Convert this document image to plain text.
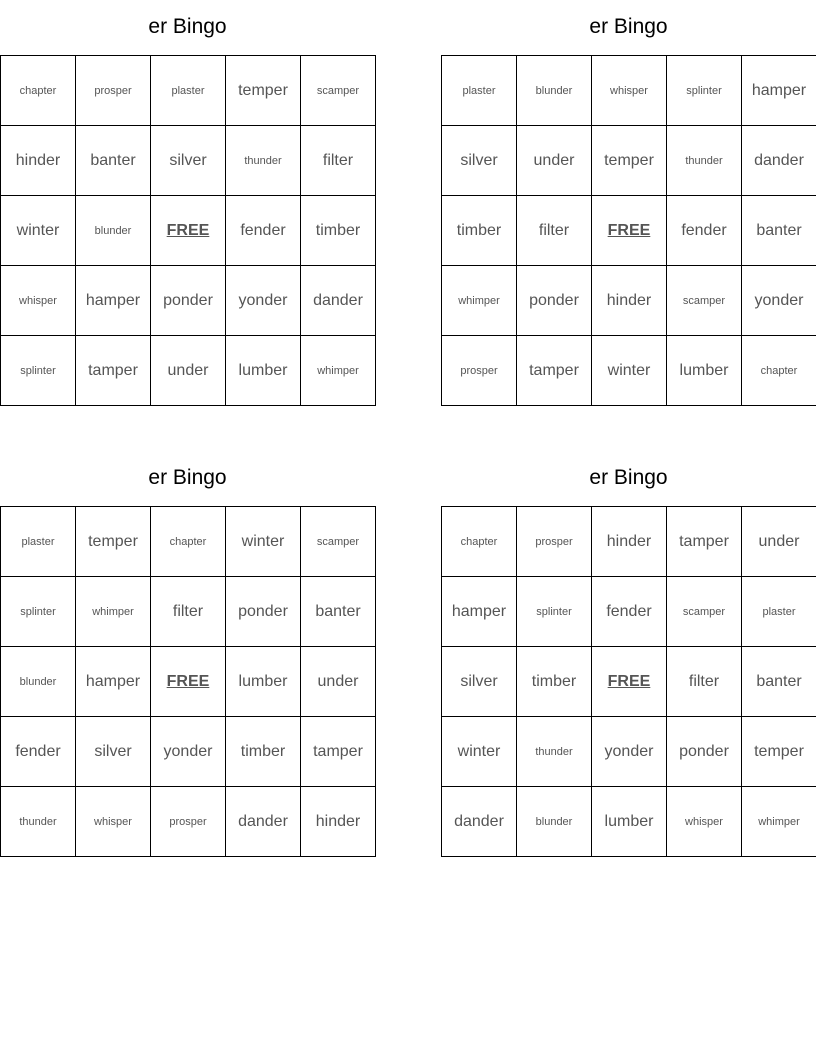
er Bingo
chapter	prosper	plaster	temper	scamper
hinder	banter	silver	thunder	filter
winter	blunder	FREE	fender	timber
whisper	hamper	ponder	yonder	dander
splinter	tamper	under	lumber	whimper
er Bingo
plaster	blunder	whisper	splinter	hamper
silver	under	temper	thunder	dander
timber	filter	FREE	fender	banter
whimper	ponder	hinder	scamper	yonder
prosper	tamper	winter	lumber	chapter
er Bingo
plaster	temper	chapter	winter	scamper
splinter	whimper	filter	ponder	banter
blunder	hamper	FREE	lumber	under
fender	silver	yonder	timber	tamper
thunder	whisper	prosper	dander	hinder
er Bingo
chapter	prosper	hinder	tamper	under
hamper	splinter	fender	scamper	plaster
silver	timber	FREE	filter	banter
winter	thunder	yonder	ponder	temper
dander	blunder	lumber	whisper	whimper
